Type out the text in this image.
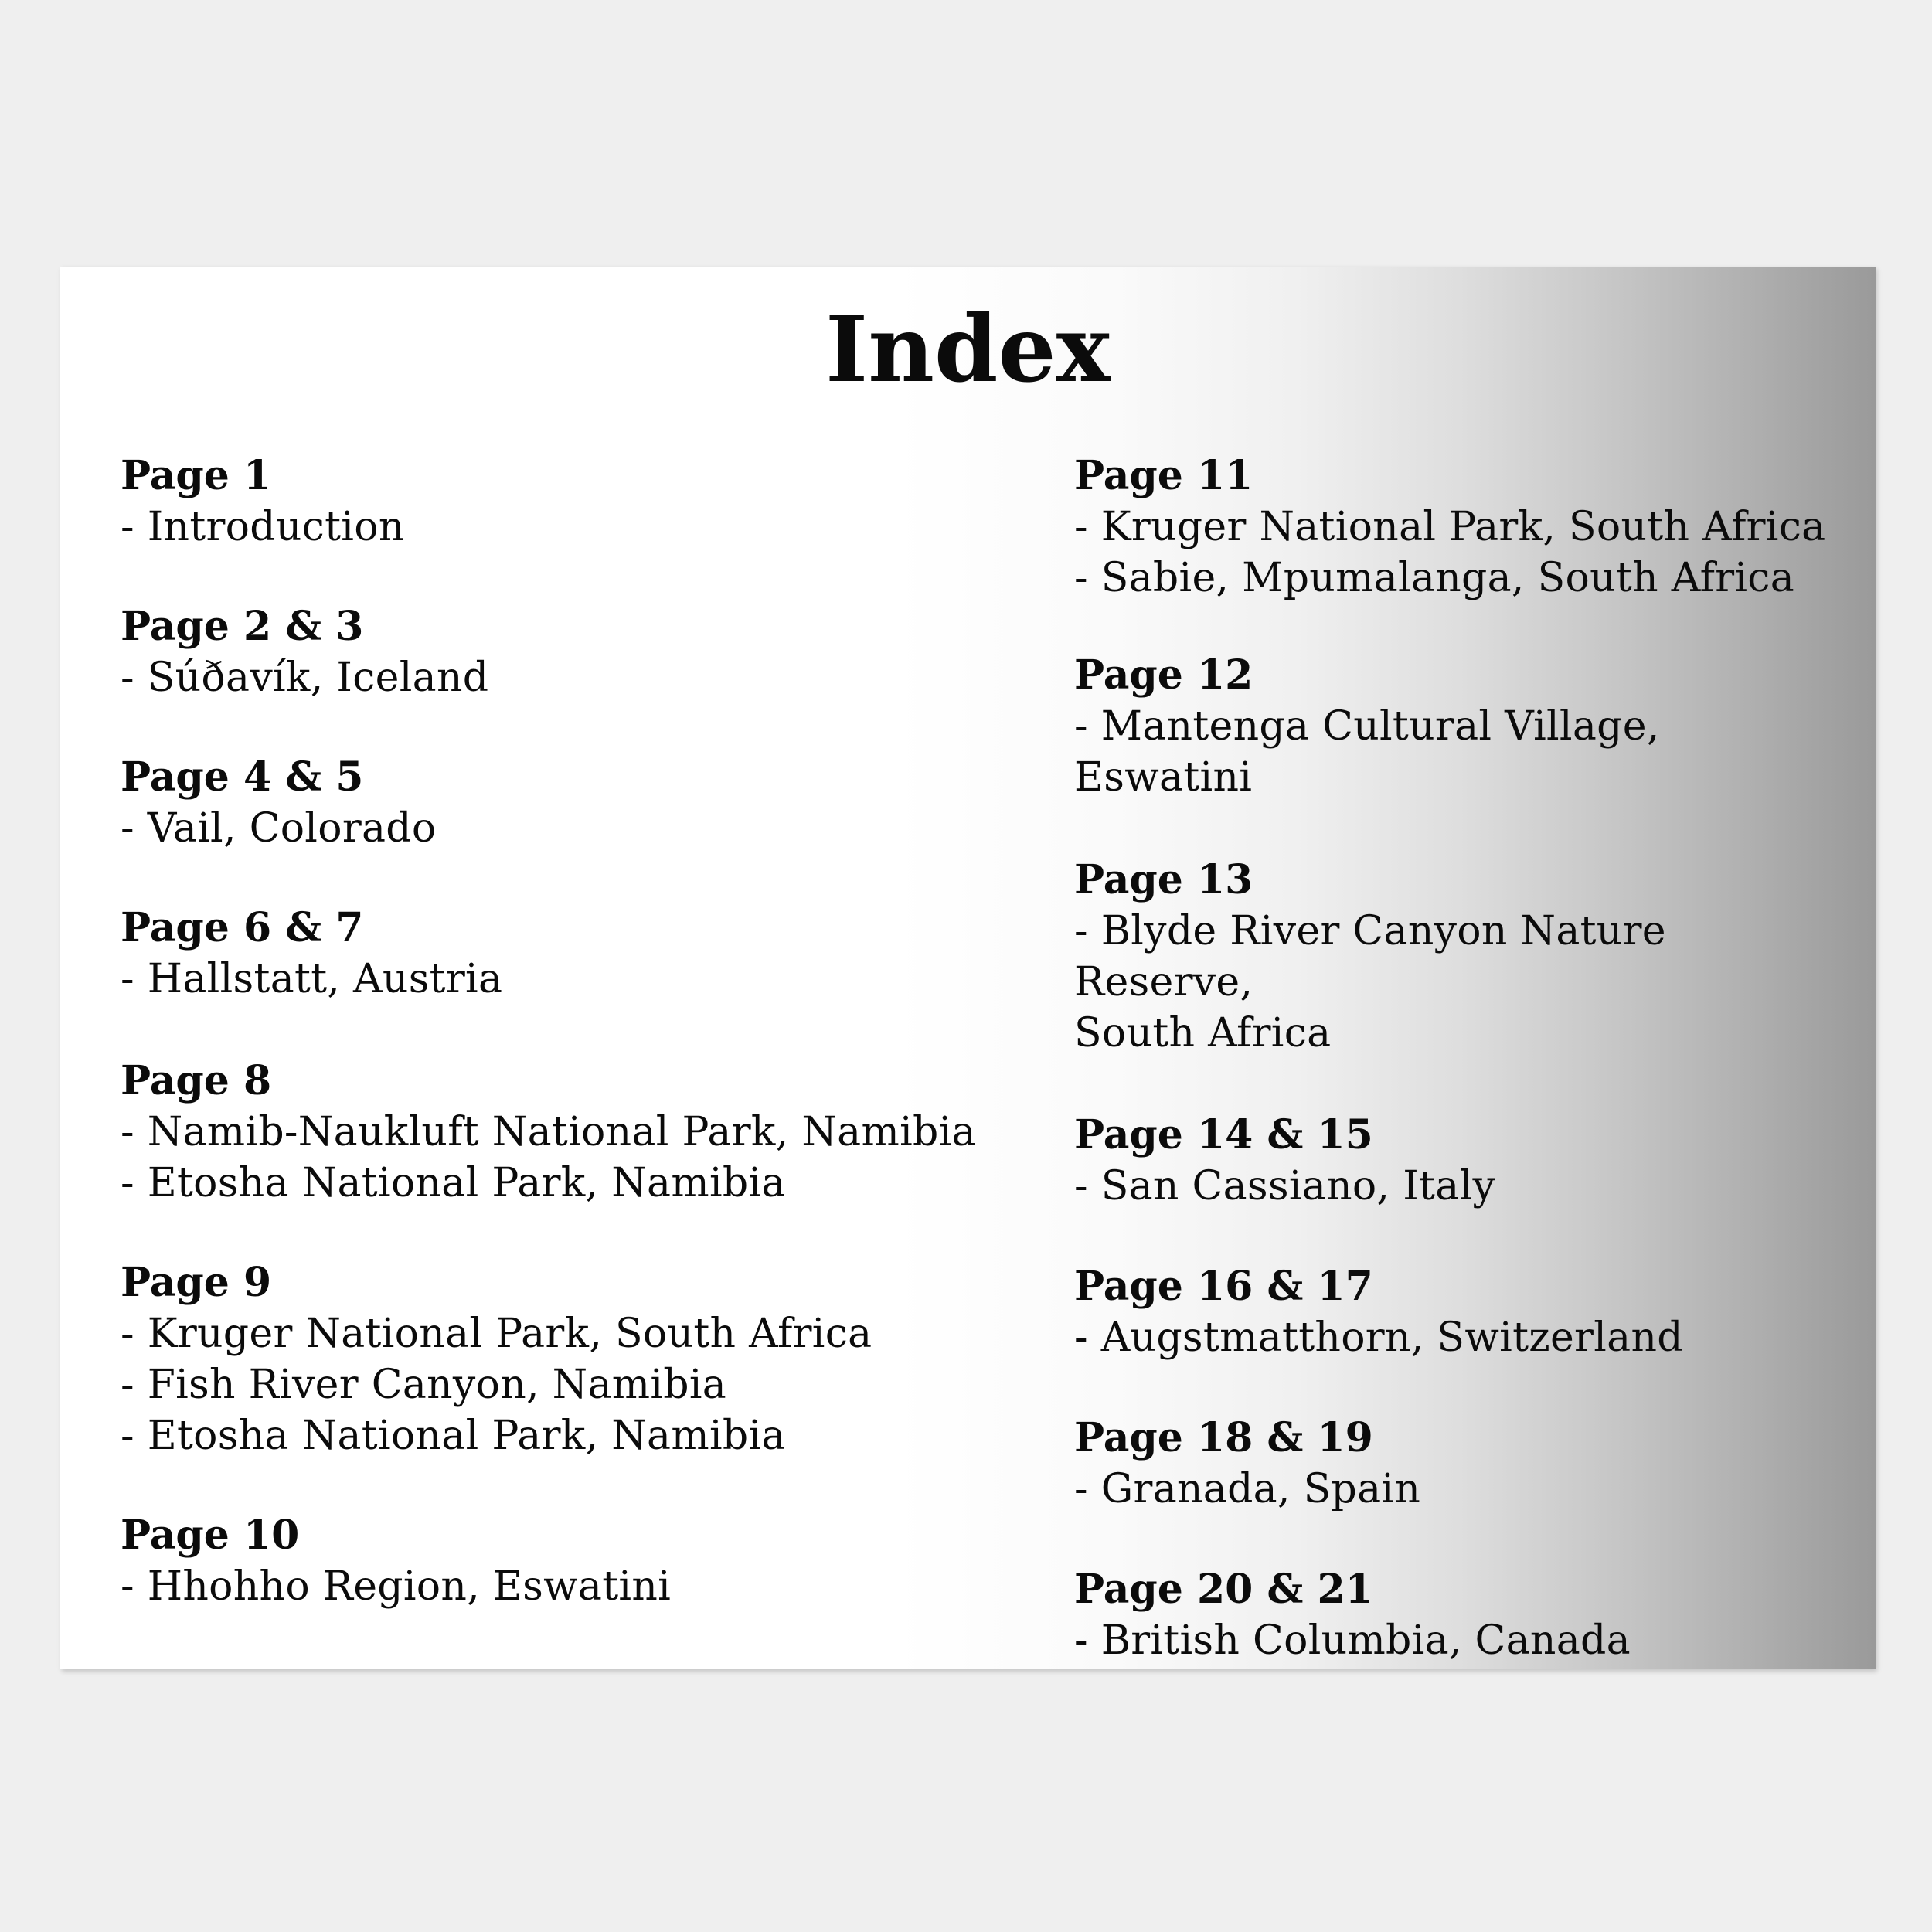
Index
Page 1
- Introduction
Page 2 & 3
- Súðavík, Iceland
Page 4 & 5
- Vail, Colorado
Page 6 & 7
- Hallstatt, Austria
Page 8
- Namib-Naukluft National Park, Namibia
- Etosha National Park, Namibia
Page 9
- Kruger National Park, South Africa
- Fish River Canyon, Namibia
- Etosha National Park, Namibia
Page 10
- Hhohho Region, Eswatini
Page 11
- Kruger National Park, South Africa
- Sabie, Mpumalanga, South Africa
Page 12
- Mantenga Cultural Village, Eswatini
Page 13
- Blyde River Canyon Nature Reserve,
South Africa
Page 14 & 15
- San Cassiano, Italy
Page 16 & 17
- Augstmatthorn, Switzerland
Page 18 & 19
- Granada, Spain
Page 20 & 21
- British Columbia, Canada
